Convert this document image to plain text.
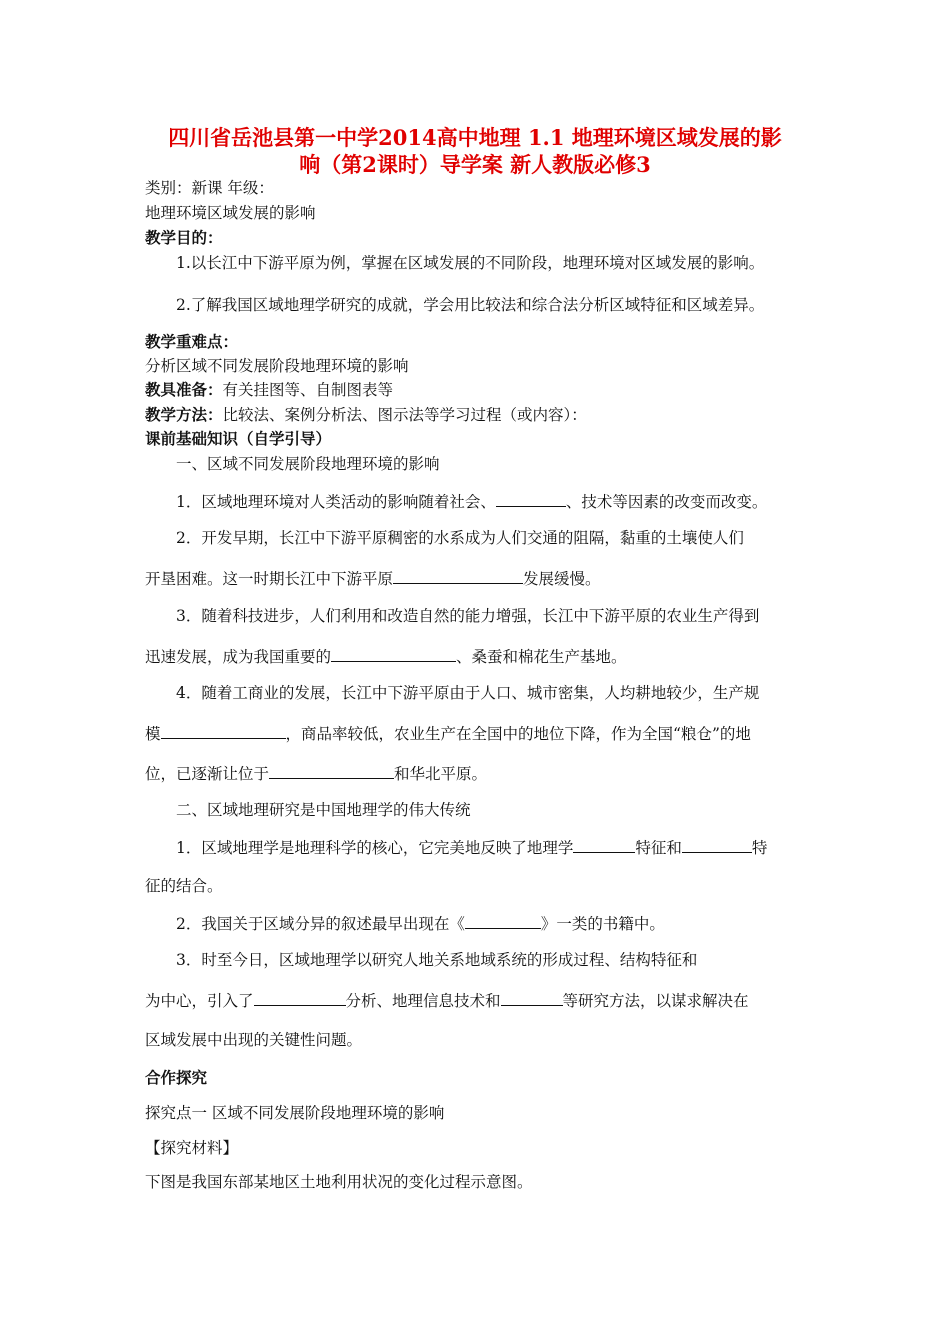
四川省岳池县第一中学2014高中地理 1.1 地理环境区域发展的影
响（第2课时）导学案 新人教版必修3
类别：新课 年级：
地理环境区域发展的影响
教学目的：
1.以长江中下游平原为例，掌握在区域发展的不同阶段，地理环境对区域发展的影响。
2.了解我国区域地理学研究的成就，学会用比较法和综合法分析区域特征和区域差异。
教学重难点：
分析区域不同发展阶段地理环境的影响
教具准备：有关挂图等、自制图表等
教学方法：比较法、案例分析法、图示法等学习过程（或内容）：
课前基础知识（自学引导）
一、区域不同发展阶段地理环境的影响
1．区域地理环境对人类活动的影响随着社会、	、技术等因素的改变而改变。
2．开发早期，长江中下游平原稠密的水系成为人们交通的阻隔，黏重的土壤使人们
开垦困难。这一时期长江中下游平原	发展缓慢。
3．随着科技进步，人们利用和改造自然的能力增强，长江中下游平原的农业生产得到
迅速发展，成为我国重要的	、桑蚕和棉花生产基地。
4．随着工商业的发展，长江中下游平原由于人口、城市密集，人均耕地较少，生产规
模	，商品率较低，农业生产在全国中的地位下降，作为全国“粮仓”的地
位，已逐渐让位于	和华北平原。
二、区域地理研究是中国地理学的伟大传统
1．区域地理学是地理科学的核心，它完美地反映了地理学	特征和	特
征的结合。
2．我国关于区域分异的叙述最早出现在《	》一类的书籍中。
3．时至今日，区域地理学以研究人地关系地域系统的形成过程、结构特征和
为中心，引入了	分析、地理信息技术和	等研究方法，以谋求解决在
区域发展中出现的关键性问题。
合作探究
探究点一 区域不同发展阶段地理环境的影响
【探究材料】
下图是我国东部某地区土地利用状况的变化过程示意图。
